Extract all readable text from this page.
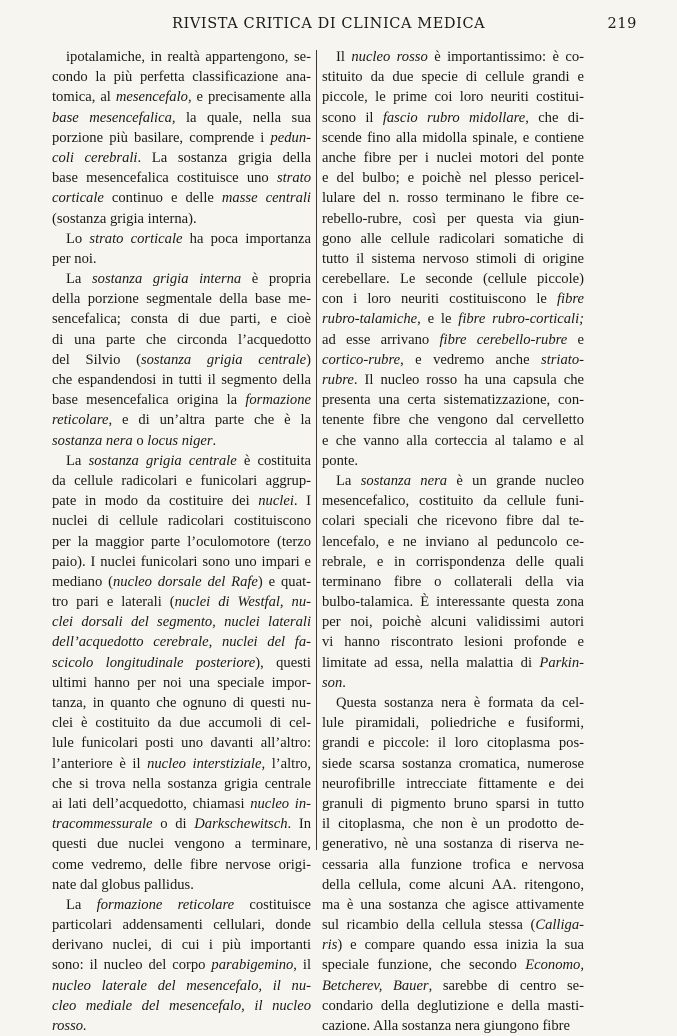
RIVISTA CRITICA DI CLINICA MEDICA	219

ipotalamiche, in realtà appartengono, se-
condo la più perfetta classificazione ana-
tomica, al mesencefalo, e precisamente alla
base mesencefalica, la quale, nella sua
porzione più basilare, comprende i pedun-
coli cerebrali. La sostanza grigia della
base mesencefalica costituisce uno strato
corticale continuo e delle masse centrali
(sostanza grigia interna).

Lo strato corticale ha poca importanza
per noi.

La sostanza grigia interna è propria
della porzione segmentale della base me-
sencefalica; consta di due parti, e cioè
di una parte che circonda l’acquedotto
del Silvio (sostanza grigia centrale)
che espandendosi in tutti il segmento della
base mesencefalica origina la formazione
reticolare, e di un’altra parte che è la
sostanza nera o locus niger.

La sostanza grigia centrale è costituita
da cellule radicolari e funicolari aggrup-
pate in modo da costituire dei nuclei. I
nuclei di cellule radicolari costituiscono
per la maggior parte l’oculomotore (terzo
paio). I nuclei funicolari sono uno impari e
mediano (nucleo dorsale del Rafe) e quat-
tro pari e laterali (nuclei di Westfal, nu-
clei dorsali del segmento, nuclei laterali
dell’acquedotto cerebrale, nuclei del fa-
scicolo longitudinale posteriore), questi
ultimi hanno per noi una speciale impor-
tanza, in quanto che ognuno di questi nu-
clei è costituito da due accumoli di cel-
lule funicolari posti uno davanti all’altro:
l’anteriore è il nucleo interstiziale, l’altro,
che si trova nella sostanza grigia centrale
ai lati dell’acquedotto, chiamasi nucleo in-
tracommessurale o di Darkschewitsch. In
questi due nuclei vengono a terminare,
come vedremo, delle fibre nervose origi-
nate dal globus pallidus.

La formazione reticolare costituisce
particolari addensamenti cellulari, donde
derivano nuclei, di cui i più importanti
sono: il nucleo del corpo parabigemino, il
nucleo laterale del mesencefalo, il nu-
cleo mediale del mesencefalo, il nucleo
rosso.

Il nucleo rosso è importantissimo: è co-
stituito da due specie di cellule grandi e
piccole, le prime coi loro neuriti costitui-
scono il fascio rubro midollare, che di-
scende fino alla midolla spinale, e contiene
anche fibre per i nuclei motori del ponte
e del bulbo; e poichè nel plesso pericel-
lulare del n. rosso terminano le fibre ce-
rebello-rubre, così per questa via giun-
gono alle cellule radicolari somatiche di
tutto il sistema nervoso stimoli di origine
cerebellare. Le seconde (cellule piccole)
con i loro neuriti costituiscono le fibre
rubro-talamiche, e le fibre rubro-corticali;
ad esse arrivano fibre cerebello-rubre e
cortico-rubre, e vedremo anche striato-
rubre. Il nucleo rosso ha una capsula che
presenta una certa sistematizzazione, con-
tenente fibre che vengono dal cervelletto
e che vanno alla corteccia al talamo e al
ponte.

La sostanza nera è un grande nucleo
mesencefalico, costituito da cellule funi-
colari speciali che ricevono fibre dal te-
lencefalo, e ne inviano al peduncolo ce-
rebrale, e in corrispondenza delle quali
terminano fibre o collaterali della via
bulbo-talamica. È interessante questa zona
per noi, poichè alcuni validissimi autori
vi hanno riscontrato lesioni profonde e
limitate ad essa, nella malattia di Parkin-
son.

Questa sostanza nera è formata da cel-
lule piramidali, poliedriche e fusiformi,
grandi e piccole: il loro citoplasma pos-
siede scarsa sostanza cromatica, numerose
neurofibrille intrecciate fittamente e dei
granuli di pigmento bruno sparsi in tutto
il citoplasma, che non è un prodotto de-
generativo, nè una sostanza di riserva ne-
cessaria alla funzione trofica e nervosa
della cellula, come alcuni AA. ritengono,
ma è una sostanza che agisce attivamente
sul ricambio della cellula stessa (Calliga-
ris) e compare quando essa inizia la sua
speciale funzione, che secondo Economo,
Betcherev, Bauer, sarebbe di centro se-
condario della deglutizione e della masti-
cazione. Alla sostanza nera giungono fibre
